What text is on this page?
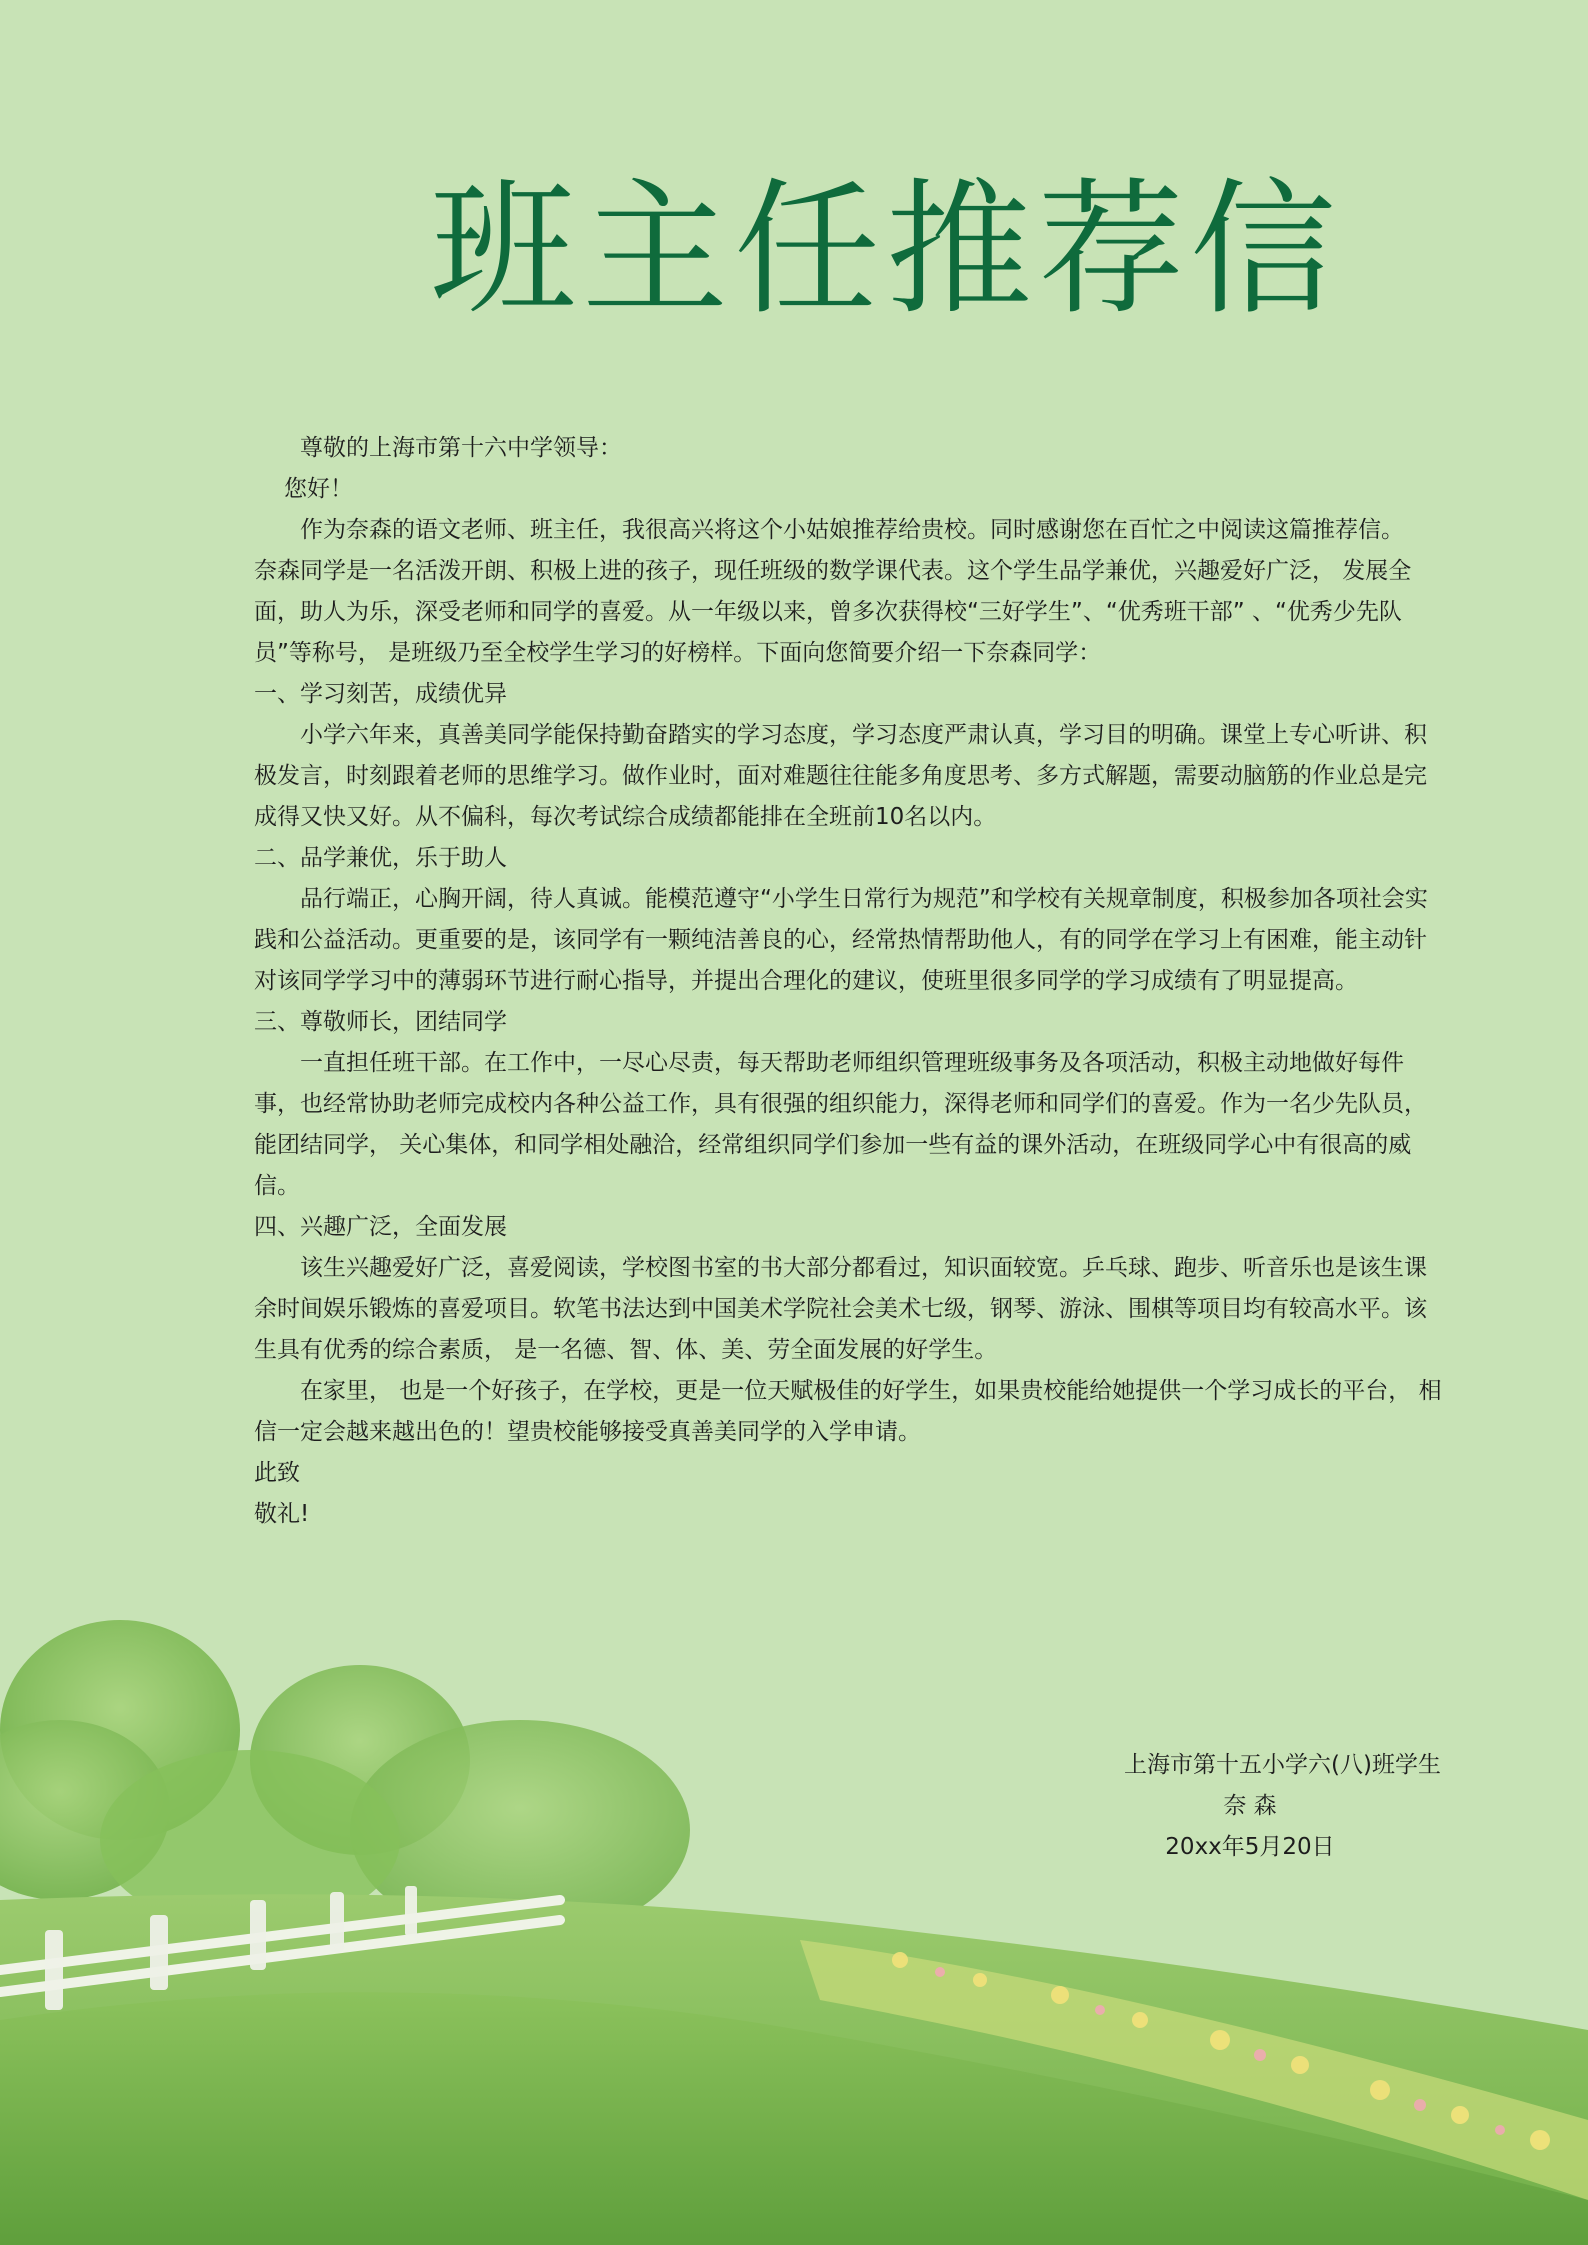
班主任推荐信

尊敬的上海市第十六中学领导：

您好！

作为奈森的语文老师、班主任，我很高兴将这个小姑娘推荐给贵校。同时感谢您在百忙之中阅读这篇推荐信。

奈森同学是一名活泼开朗、积极上进的孩子，现任班级的数学课代表。这个学生品学兼优，兴趣爱好广泛， 发展全面，助人为乐，深受老师和同学的喜爱。从一年级以来，曾多次获得校“三好学生”、“优秀班干部” 、“优秀少先队员”等称号， 是班级乃至全校学生学习的好榜样。下面向您简要介绍一下奈森同学：

一、学习刻苦，成绩优异

小学六年来，真善美同学能保持勤奋踏实的学习态度，学习态度严肃认真，学习目的明确。课堂上专心听讲、积极发言，时刻跟着老师的思维学习。做作业时，面对难题往往能多角度思考、多方式解题，需要动脑筋的作业总是完成得又快又好。从不偏科，每次考试综合成绩都能排在全班前10名以内。

二、品学兼优，乐于助人

品行端正，心胸开阔，待人真诚。能模范遵守“小学生日常行为规范”和学校有关规章制度，积极参加各项社会实践和公益活动。更重要的是，该同学有一颗纯洁善良的心，经常热情帮助他人，有的同学在学习上有困难，能主动针对该同学学习中的薄弱环节进行耐心指导，并提出合理化的建议，使班里很多同学的学习成绩有了明显提高。

三、尊敬师长，团结同学

一直担任班干部。在工作中，一尽心尽责，每天帮助老师组织管理班级事务及各项活动，积极主动地做好每件事，也经常协助老师完成校内各种公益工作，具有很强的组织能力，深得老师和同学们的喜爱。作为一名少先队员，能团结同学， 关心集体，和同学相处融洽，经常组织同学们参加一些有益的课外活动，在班级同学心中有很高的威信。

四、兴趣广泛，全面发展

该生兴趣爱好广泛，喜爱阅读，学校图书室的书大部分都看过，知识面较宽。乒乓球、跑步、听音乐也是该生课余时间娱乐锻炼的喜爱项目。软笔书法达到中国美术学院社会美术七级，钢琴、游泳、围棋等项目均有较高水平。该生具有优秀的综合素质， 是一名德、智、体、美、劳全面发展的好学生。

在家里， 也是一个好孩子，在学校，更是一位天赋极佳的好学生，如果贵校能给她提供一个学习成长的平台， 相信一定会越来越出色的！望贵校能够接受真善美同学的入学申请。

此致

敬礼!

上海市第十五小学六(八)班学生
奈 森
20xx年5月20日
